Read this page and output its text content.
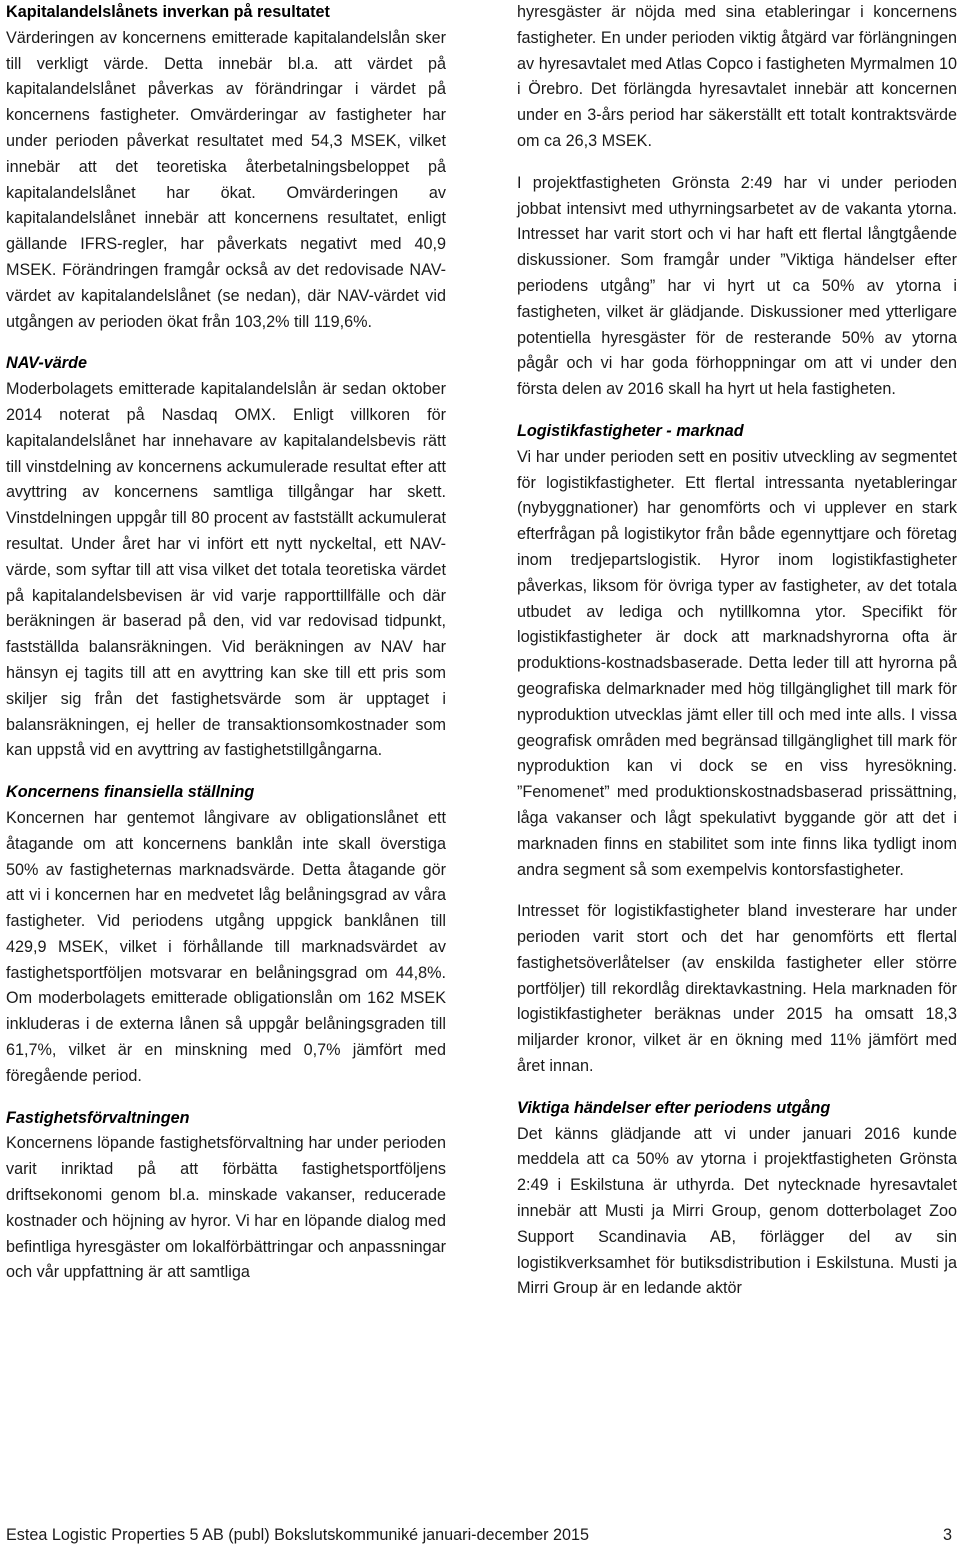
Kapitalandelslånets inverkan på resultatet

Värderingen av koncernens emitterade kapitalandelslån sker till verkligt värde. Detta innebär bl.a. att värdet på kapitalandelslånet påverkas av förändringar i värdet på koncernens fastigheter. Omvärderingar av fastigheter har under perioden påverkat resultatet med 54,3 MSEK, vilket innebär att det teoretiska återbetalningsbeloppet på kapitalandelslånet har ökat. Omvärderingen av kapitalandelslånet innebär att koncernens resultatet, enligt gällande IFRS-regler, har påverkats negativt med 40,9 MSEK. Förändringen framgår också av det redovisade NAV-värdet av kapitalandelslånet (se nedan), där NAV-värdet vid utgången av perioden ökat från 103,2% till 119,6%.

NAV-värde

Moderbolagets emitterade kapitalandelslån är sedan oktober 2014 noterat på Nasdaq OMX. Enligt villkoren för kapitalandelslånet har innehavare av kapitalandelsbevis rätt till vinstdelning av koncernens ackumulerade resultat efter att avyttring av koncernens samtliga tillgångar har skett. Vinstdelningen uppgår till 80 procent av fastställt ackumulerat resultat. Under året har vi infört ett nytt nyckeltal, ett NAV-värde, som syftar till att visa vilket det totala teoretiska värdet på kapitalandelsbevisen är vid varje rapporttillfälle och där beräkningen är baserad på den, vid var redovisad tidpunkt, fastställda balansräkningen. Vid beräkningen av NAV har hänsyn ej tagits till att en avyttring kan ske till ett pris som skiljer sig från det fastighetsvärde som är upptaget i balansräkningen, ej heller de transaktionsomkostnader som kan uppstå vid en avyttring av fastighetstillgångarna.

Koncernens finansiella ställning

Koncernen har gentemot långivare av obligationslånet ett åtagande om att koncernens banklån inte skall överstiga 50% av fastigheternas marknadsvärde. Detta åtagande gör att vi i koncernen har en medvetet låg belåningsgrad av våra fastigheter. Vid periodens utgång uppgick banklånen till 429,9 MSEK, vilket i förhållande till marknadsvärdet av fastighetsportföljen motsvarar en belåningsgrad om 44,8%. Om moderbolagets emitterade obligationslån om 162 MSEK inkluderas i de externa lånen så uppgår belåningsgraden till 61,7%, vilket är en minskning med 0,7% jämfört med föregående period.

Fastighetsförvaltningen

Koncernens löpande fastighetsförvaltning har under perioden varit inriktad på att förbätta fastighetsportföljens driftsekonomi genom bl.a. minskade vakanser, reducerade kostnader och höjning av hyror. Vi har en löpande dialog med befintliga hyresgäster om lokalförbättringar och anpassningar och vår uppfattning är att samtliga

hyresgäster är nöjda med sina etableringar i koncernens fastigheter. En under perioden viktig åtgärd var förlängningen av hyresavtalet med Atlas Copco i fastigheten Myrmalmen 10 i Örebro. Det förlängda hyresavtalet innebär att koncernen under en 3-års period har säkerställt ett totalt kontraktsvärde om ca 26,3 MSEK.

I projektfastigheten Grönsta 2:49 har vi under perioden jobbat intensivt med uthyrningsarbetet av de vakanta ytorna. Intresset har varit stort och vi har haft ett flertal långtgående diskussioner. Som framgår under ”Viktiga händelser efter periodens utgång” har vi hyrt ut ca 50% av ytorna i fastigheten, vilket är glädjande. Diskussioner med ytterligare potentiella hyresgäster för de resterande 50% av ytorna pågår och vi har goda förhoppningar om att vi under den första delen av 2016 skall ha hyrt ut hela fastigheten.

Logistikfastigheter - marknad

Vi har under perioden sett en positiv utveckling av segmentet för logistikfastigheter. Ett flertal intressanta nyetableringar (nybyggnationer) har genomförts och vi upplever en stark efterfrågan på logistikytor från både egennyttjare och företag inom tredjepartslogistik. Hyror inom logistikfastigheter påverkas, liksom för övriga typer av fastigheter, av det totala utbudet av lediga och nytillkomna ytor. Specifikt för logistikfastigheter är dock att marknadshyrorna ofta är produktions-kostnadsbaserade. Detta leder till att hyrorna på geografiska delmarknader med hög tillgänglighet till mark för nyproduktion utvecklas jämt eller till och med inte alls. I vissa geografisk områden med begränsad tillgänglighet till mark för nyproduktion kan vi dock se en viss hyresökning. ”Fenomenet” med produktionskostnadsbaserad prissättning, låga vakanser och lågt spekulativt byggande gör att det i marknaden finns en stabilitet som inte finns lika tydligt inom andra segment så som exempelvis kontorsfastigheter.

Intresset för logistikfastigheter bland investerare har under perioden varit stort och det har genomförts ett flertal fastighetsöverlåtelser (av enskilda fastigheter eller större portföljer) till rekordlåg direktavkastning. Hela marknaden för logistikfastigheter beräknas under 2015 ha omsatt 18,3 miljarder kronor, vilket är en ökning med 11% jämfört med året innan.

Viktiga händelser efter periodens utgång

Det känns glädjande att vi under januari 2016 kunde meddela att ca 50% av ytorna i projektfastigheten Grönsta 2:49 i Eskilstuna är uthyrda. Det nytecknade hyresavtalet innebär att Musti ja Mirri Group, genom dotterbolaget Zoo Support Scandinavia AB, förlägger del av sin logistikverksamhet för butiksdistribution i Eskilstuna. Musti ja Mirri Group är en ledande aktör

Estea Logistic Properties 5 AB (publ) Bokslutskommuniké januari-december 2015	3
